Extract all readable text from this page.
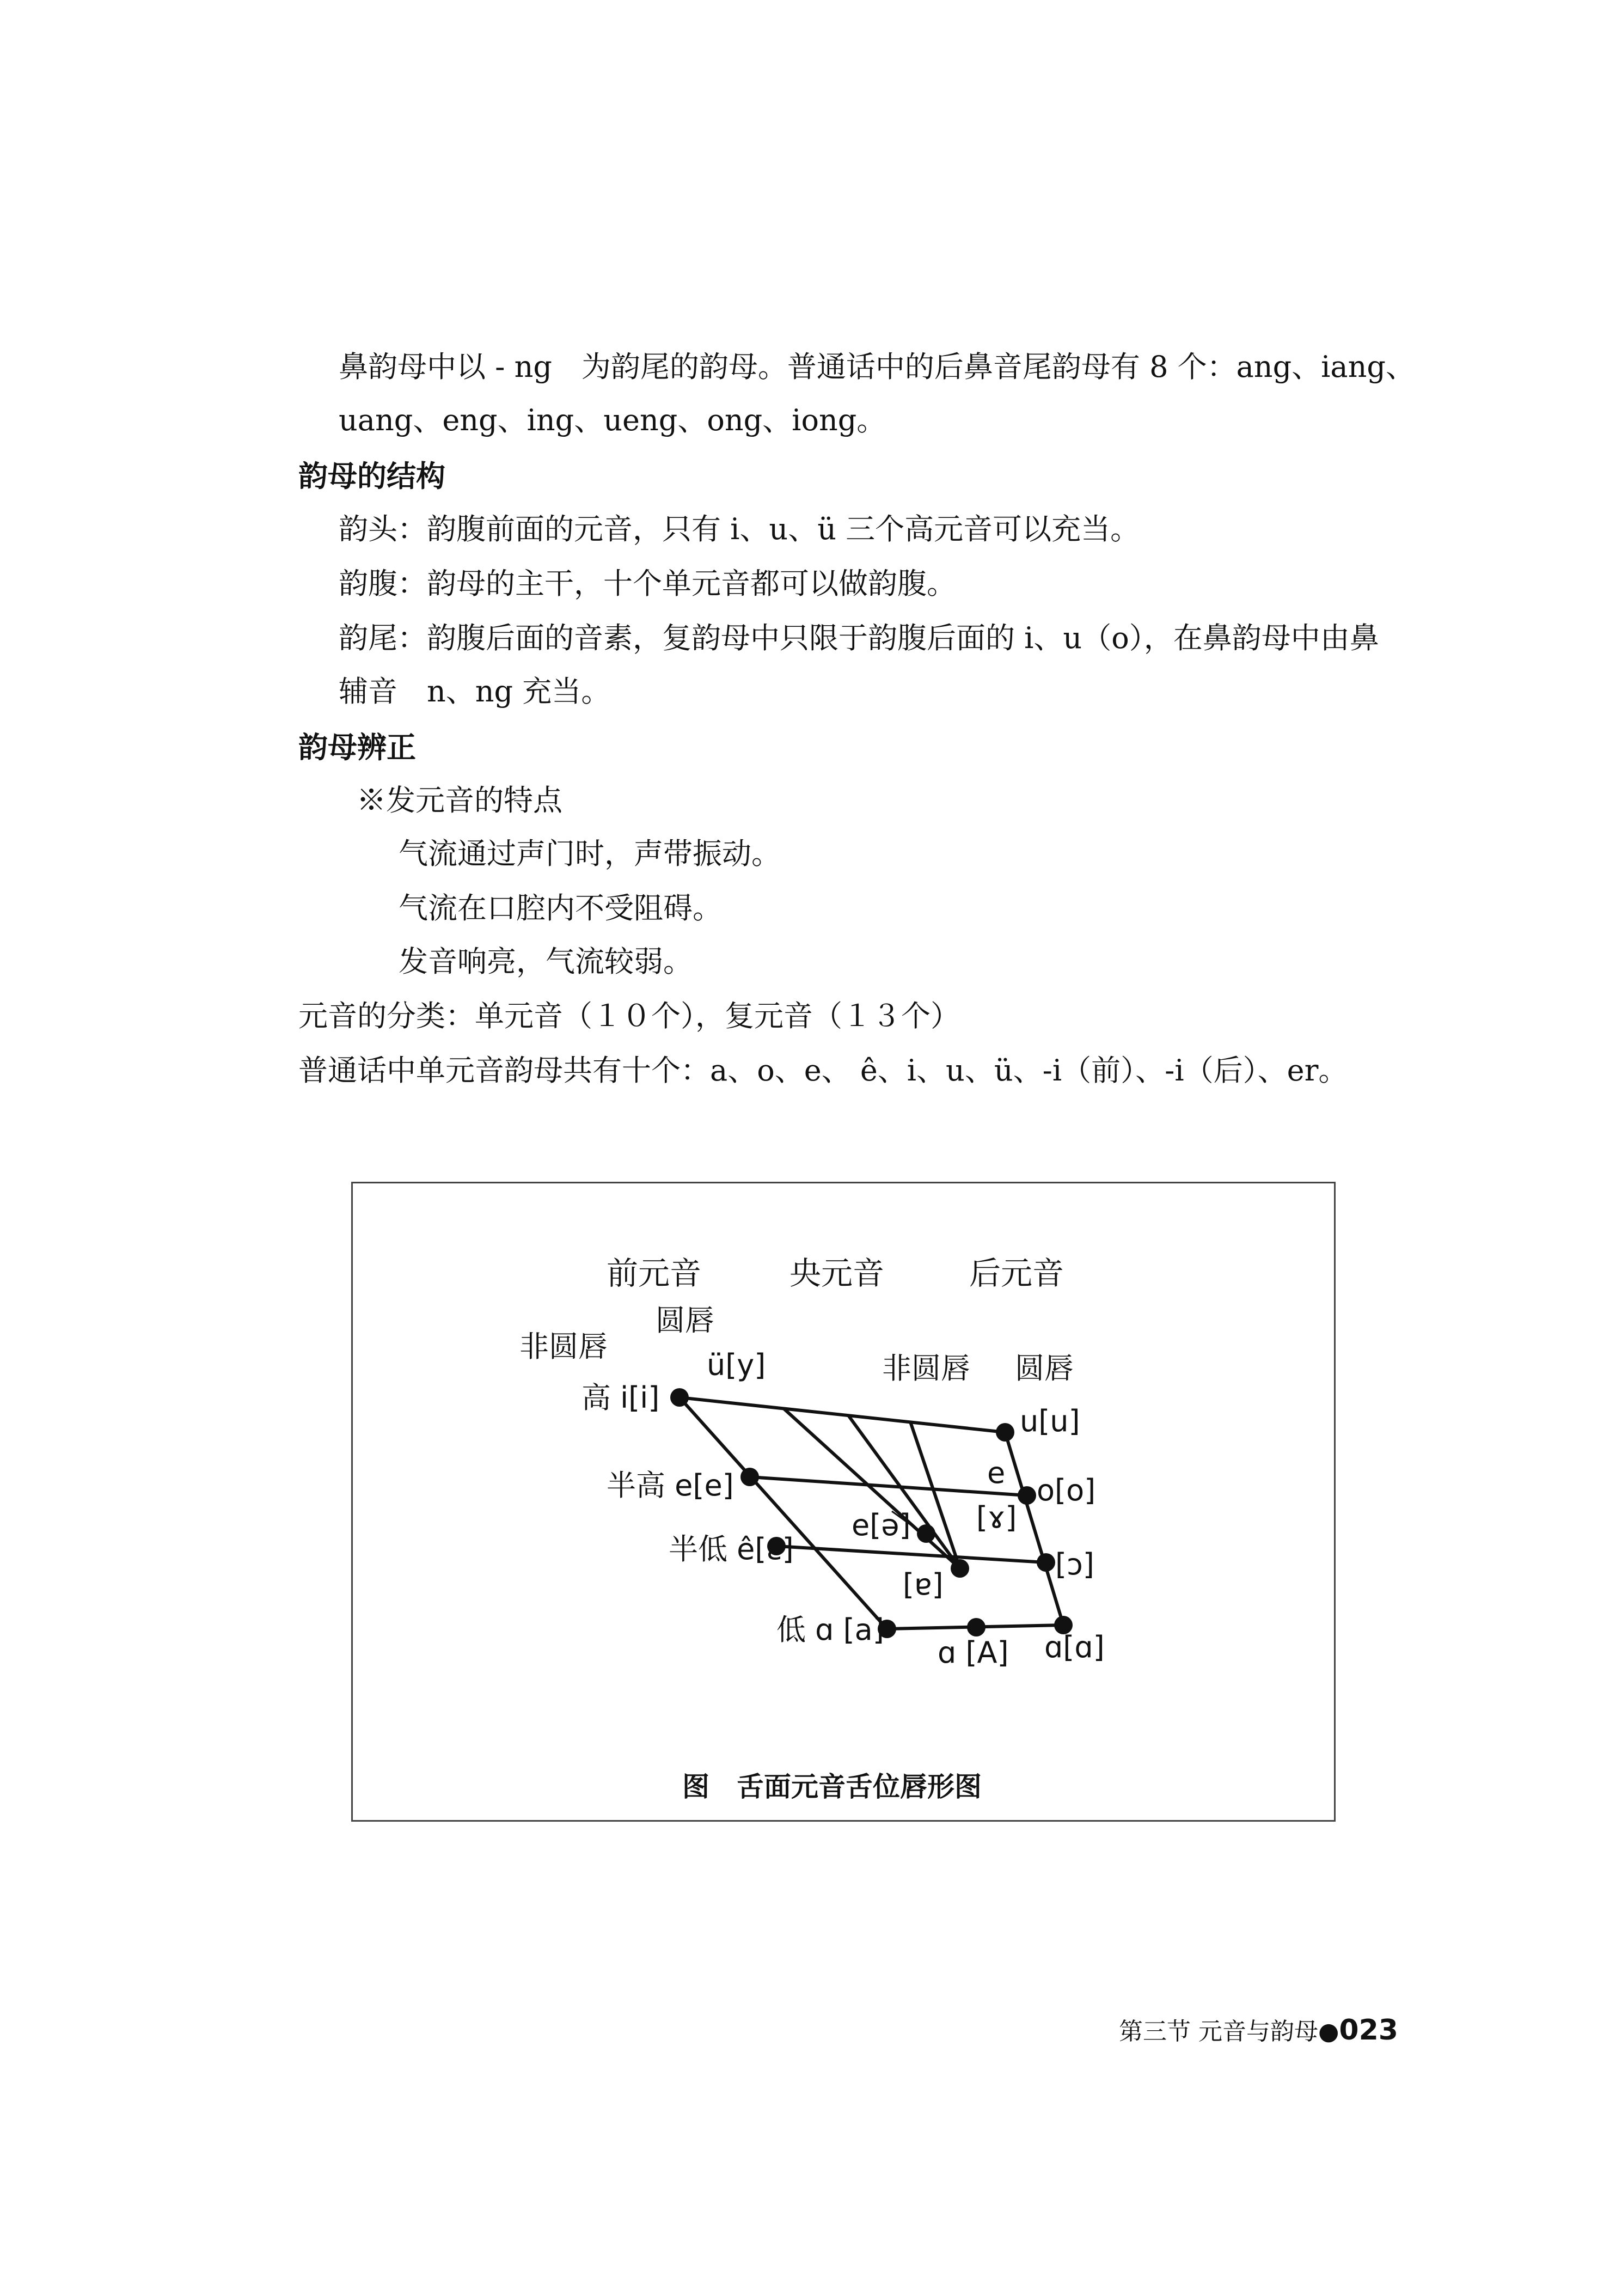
鼻韵母中以 - ng　为韵尾的韵母。普通话中的后鼻音尾韵母有 8 个：ang、iang、
uang、eng、ing、ueng、ong、iong。
韵母的结构
韵头：韵腹前面的元音，只有 i、u、ü 三个高元音可以充当。
韵腹：韵母的主干，十个单元音都可以做韵腹。
韵尾：韵腹后面的音素，复韵母中只限于韵腹后面的 i、u（o），在鼻韵母中由鼻
辅音　n、ng 充当。
韵母辨正
※发元音的特点
气流通过声门时，声带振动。
气流在口腔内不受阻碍。
发音响亮，气流较弱。
元音的分类：单元音（１０个），复元音（１３个）
普通话中单元音韵母共有十个：a、o、e、 ê、i、u、ü、-i（前）、-i（后）、er。
前元音	央元音	后元音
圆唇
非圆唇
非圆唇 圆唇
高 i[i]
ü[y]
u[u]
半高 e[e]	e
o[o]
[ɤ]
e[ə]
半低 ê[ε]	[ɔ]
[ɐ]
低 ɑ [a]
ɑ [A] ɑ[ɑ]
图　舌面元音舌位唇形图
第三节 元音与韵母●023
